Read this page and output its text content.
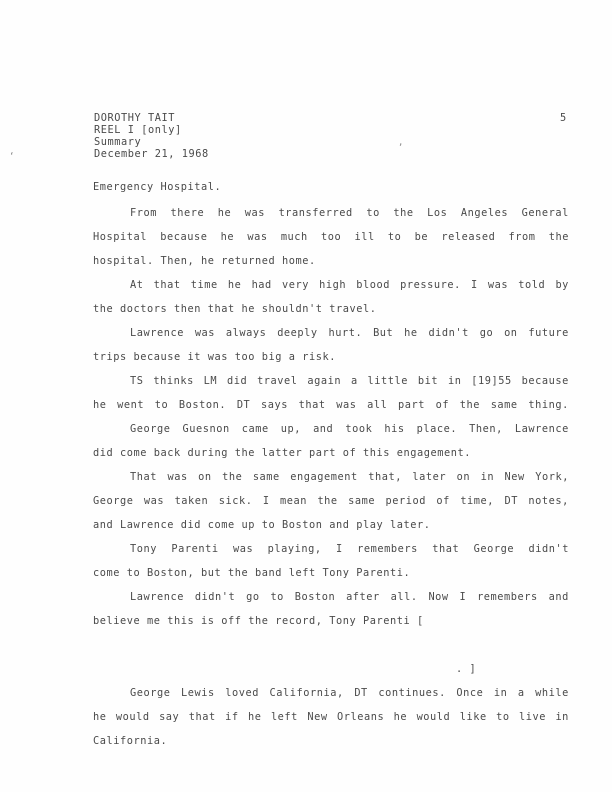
DOROTHY TAIT
REEL I [only]
Summary
December 21, 1968
5
‘
‚
Emergency Hospital.
From there he was transferred to the Los Angeles General
Hospital because he was much too ill to be released from the
hospital. Then, he returned home.
At that time he had very high blood pressure. I was told by
the doctors then that he shouldn't travel.
Lawrence was always deeply hurt. But he didn't go on future
trips because it was too big a risk.
TS thinks LM did travel again a little bit in [19]55 because
he went to Boston. DT says that was all part of the same thing.
George Guesnon came up, and took his place. Then, Lawrence
did come back during the latter part of this engagement.
That was on the same engagement that, later on in New York,
George was taken sick. I mean the same period of time, DT notes,
and Lawrence did come up to Boston and play later.
Tony Parenti was playing, I remembers that George didn't
come to Boston, but the band left Tony Parenti.
Lawrence didn't go to Boston after all. Now I remembers and
believe me this is off the record, Tony Parenti [
. ]
George Lewis loved California, DT continues. Once in a while
he would say that if he left New Orleans he would like to live in
California.
